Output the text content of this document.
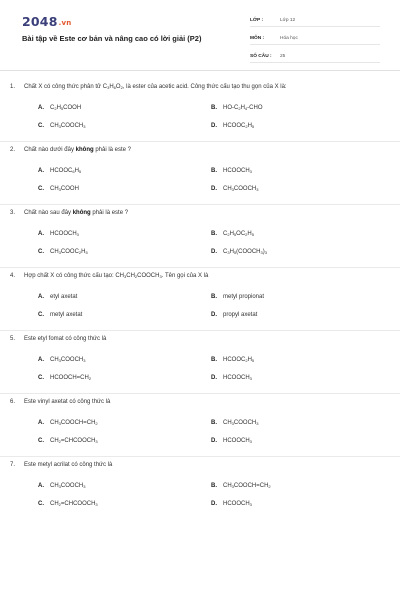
2048.vn
Bài tập về Este cơ bản và nâng cao có lời giải (P2)
LỚP :	Lớp 12
MÔN :	Hóa học
SỐ CÂU :	25
1. Chất X có công thức phân tử $C_3H_6O_2$, là ester của acetic acid. Công thức cấu tạo thu gọn của X là:
A. $C_2H_5COOH$	B. $HO-C_2H_4$-CHO
C. $CH_3COOCH_3$	D. $HCOOC_2H_5$
2. Chất nào dưới đây không phải là este ?
A. $HCOOC_6H_5$	B. $HCOOCH_3$
C. $CH_3COOH$	D. $CH_3COOCH_3$
3. Chất nào sau đây không phải là este ?
A. $HCOOCH_3$	B. $C_2H_5OC_2H_5$
C. $CH_3COOC_2H_5$	D. $C_3H_5(COOCH_3)_3$
4. Hợp chất X có công thức cấu tạo: $CH_3CH_2COOCH_3$. Tên gọi của X là
A. etyl axetat	B. metyl propionat
C. metyl axetat	D. propyl axetat
5. Este etyl fomat có công thức là
A. $CH_3COOCH_3$	B. $HCOOC_2H_5$
C. $HCOOCH=CH_2$	D. $HCOOCH_3$
6. Este vinyl axetat có công thức là
A. $CH_3COOCH=CH_2$	B. $CH_3COOCH_3$
C. $CH_2=CHCOOCH_3$	D. $HCOOCH_3$
7. Este metyl acrilat có công thức là
A. $CH_3COOCH_3$	B. $CH_3COOCH=CH_2$
C. $CH_2=CHCOOCH_3$	D. $HCOOCH_3$
